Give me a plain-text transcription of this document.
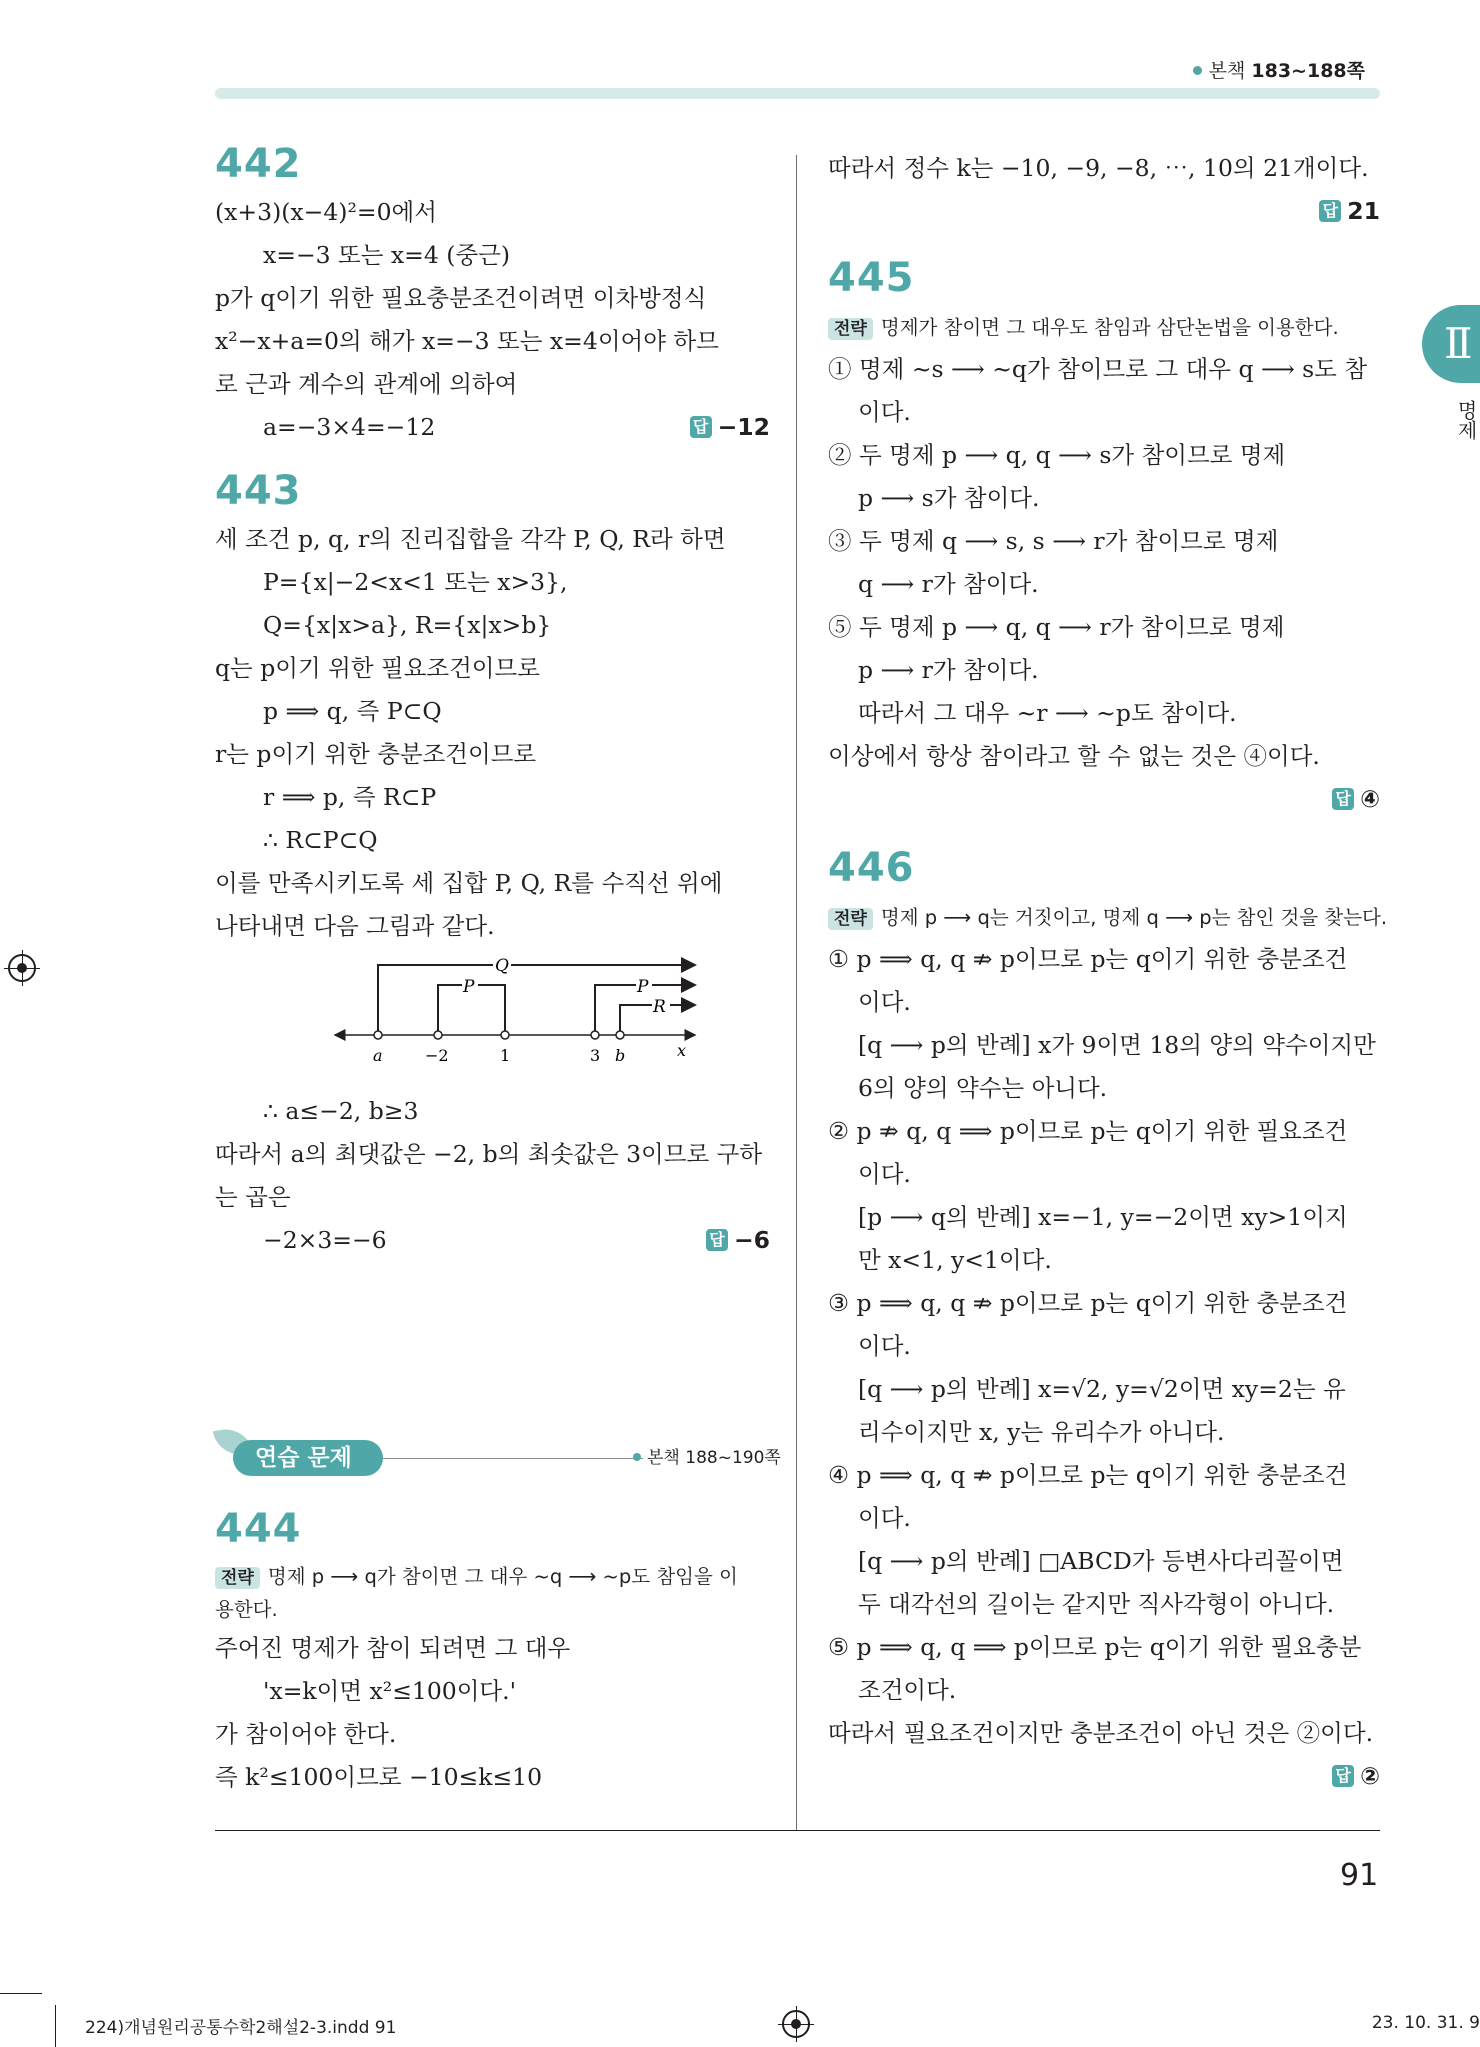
본책 183~188쪽
Ⅱ
명제
442
(x+3)(x−4)²=0에서
x=−3 또는 x=4 (중근)
p가 q이기 위한 필요충분조건이려면 이차방정식
x²−x+a=0의 해가 x=−3 또는 x=4이어야 하므
로 근과 계수의 관계에 의하여
a=−3×4=−12	답 −12
443
세 조건 p, q, r의 진리집합을 각각 P, Q, R라 하면
P={x|−2<x<1 또는 x>3},
Q={x|x>a}, R={x|x>b}
q는 p이기 위한 필요조건이므로
p ⟹ q, 즉 P⊂Q
r는 p이기 위한 충분조건이므로
r ⟹ p, 즉 R⊂P
∴ R⊂P⊂Q
이를 만족시키도록 세 집합 P, Q, R를 수직선 위에
나타내면 다음 그림과 같다.
Q
P	P
R
a	−2	1	3 b	x
∴ a≤−2, b≥3
따라서 a의 최댓값은 −2, b의 최솟값은 3이므로 구하
는 곱은
−2×3=−6	답 −6
연습 문제	본책 188~190쪽
444
전략 명제 p ⟶ q가 참이면 그 대우 ~q ⟶ ~p도 참임을 이
용한다.
주어진 명제가 참이 되려면 그 대우
'x=k이면 x²≤100이다.'
가 참이어야 한다.
즉 k²≤100이므로 −10≤k≤10
따라서 정수 k는 −10, −9, −8, ⋯, 10의 21개이다.
답 21
445
전략 명제가 참이면 그 대우도 참임과 삼단논법을 이용한다.
① 명제 ~s ⟶ ~q가 참이므로 그 대우 q ⟶ s도 참
이다.
② 두 명제 p ⟶ q, q ⟶ s가 참이므로 명제
p ⟶ s가 참이다.
③ 두 명제 q ⟶ s, s ⟶ r가 참이므로 명제
q ⟶ r가 참이다.
⑤ 두 명제 p ⟶ q, q ⟶ r가 참이므로 명제
p ⟶ r가 참이다.
따라서 그 대우 ~r ⟶ ~p도 참이다.
이상에서 항상 참이라고 할 수 없는 것은 ④이다.
답 ④
446
전략 명제 p ⟶ q는 거짓이고, 명제 q ⟶ p는 참인 것을 찾는다.
① p ⟹ q, q ⇏ p이므로 p는 q이기 위한 충분조건
이다.
[q ⟶ p의 반례] x가 9이면 18의 양의 약수이지만
6의 양의 약수는 아니다.
② p ⇏ q, q ⟹ p이므로 p는 q이기 위한 필요조건
이다.
[p ⟶ q의 반례] x=−1, y=−2이면 xy>1이지
만 x<1, y<1이다.
③ p ⟹ q, q ⇏ p이므로 p는 q이기 위한 충분조건
이다.
[q ⟶ p의 반례] x=√2, y=√2이면 xy=2는 유
리수이지만 x, y는 유리수가 아니다.
④ p ⟹ q, q ⇏ p이므로 p는 q이기 위한 충분조건
이다.
[q ⟶ p의 반례] □ABCD가 등변사다리꼴이면
두 대각선의 길이는 같지만 직사각형이 아니다.
⑤ p ⟹ q, q ⟹ p이므로 p는 q이기 위한 필요충분
조건이다.
따라서 필요조건이지만 충분조건이 아닌 것은 ②이다.
답 ②
91
224)개념원리공통수학2해설2-3.indd 91	23. 10. 31. 9
